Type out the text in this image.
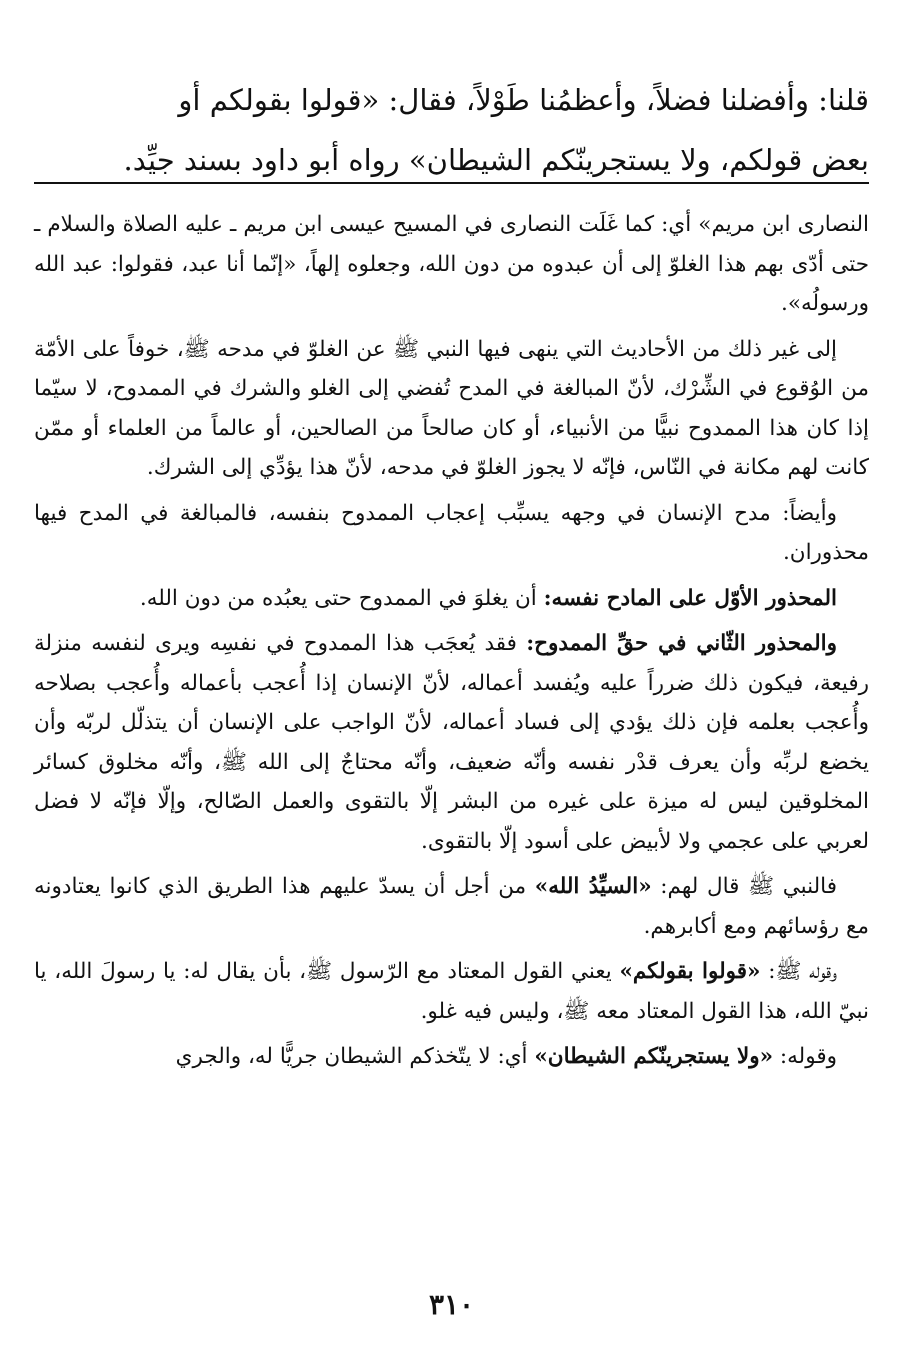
قلنا: وأفضلنا فضلاً، وأعظمُنا طَوْلاً، فقال: «قولوا بقولكم أو

بعض قولكم، ولا يستجرينّكم الشيطان» رواه أبو داود بسند جيِّد.

النصارى ابن مريم» أي: كما غَلَت النصارى في المسيح عيسى ابن مريم ـ عليه الصلاة والسلام ـ حتى أدّى بهم هذا الغلوّ إلى أن عبدوه من دون الله، وجعلوه إلهاً، «إنّما أنا عبد، فقولوا: عبد الله ورسولُه».

إلى غير ذلك من الأحاديث التي ينهى فيها النبي ﷺ عن الغلوّ في مدحه ﷺ، خوفاً على الأمّة من الوُقوع في الشِّرْك، لأنّ المبالغة في المدح تُفضي إلى الغلو والشرك في الممدوح، لا سيّما إذا كان هذا الممدوح نبيًّا من الأنبياء، أو كان صالحاً من الصالحين، أو عالماً من العلماء أو ممّن كانت لهم مكانة في النّاس، فإنّه لا يجوز الغلوّ في مدحه، لأنّ هذا يؤدِّي إلى الشرك.

وأيضاً: مدح الإنسان في وجهه يسبِّب إعجاب الممدوح بنفسه، فالمبالغة في المدح فيها محذوران.

المحذور الأوّل على المادح نفسه: أن يغلوَ في الممدوح حتى يعبُده من دون الله.

والمحذور الثّاني في حقِّ الممدوح: فقد يُعجَب هذا الممدوح في نفسِه ويرى لنفسه منزلة رفيعة، فيكون ذلك ضرراً عليه ويُفسد أعماله، لأنّ الإنسان إذا أُعجب بأعماله وأُعجب بصلاحه وأُعجب بعلمه فإن ذلك يؤدي إلى فساد أعماله، لأنّ الواجب على الإنسان أن يتذلّل لربّه وأن يخضع لربِّه وأن يعرف قدْر نفسه وأنّه ضعيف، وأنّه محتاجٌ إلى الله ﷺ، وأنّه مخلوق كسائر المخلوقين ليس له ميزة على غيره من البشر إلّا بالتقوى والعمل الصّالح، وإلّا فإنّه لا فضل لعربي على عجمي ولا لأبيض على أسود إلّا بالتقوى.

فالنبي ﷺ قال لهم: «السيِّدُ الله» من أجل أن يسدّ عليهم هذا الطريق الذي كانوا يعتادونه مع رؤسائهم ومع أكابرهم.

وقوله ﷺ: «قولوا بقولكم» يعني القول المعتاد مع الرّسول ﷺ، بأن يقال له: يا رسولَ الله، يا نبيّ الله، هذا القول المعتاد معه ﷺ، وليس فيه غلو.

وقوله: «ولا يستجرينّكم الشيطان» أي: لا يتّخذكم الشيطان جريًّا له، والجري

٣١٠
